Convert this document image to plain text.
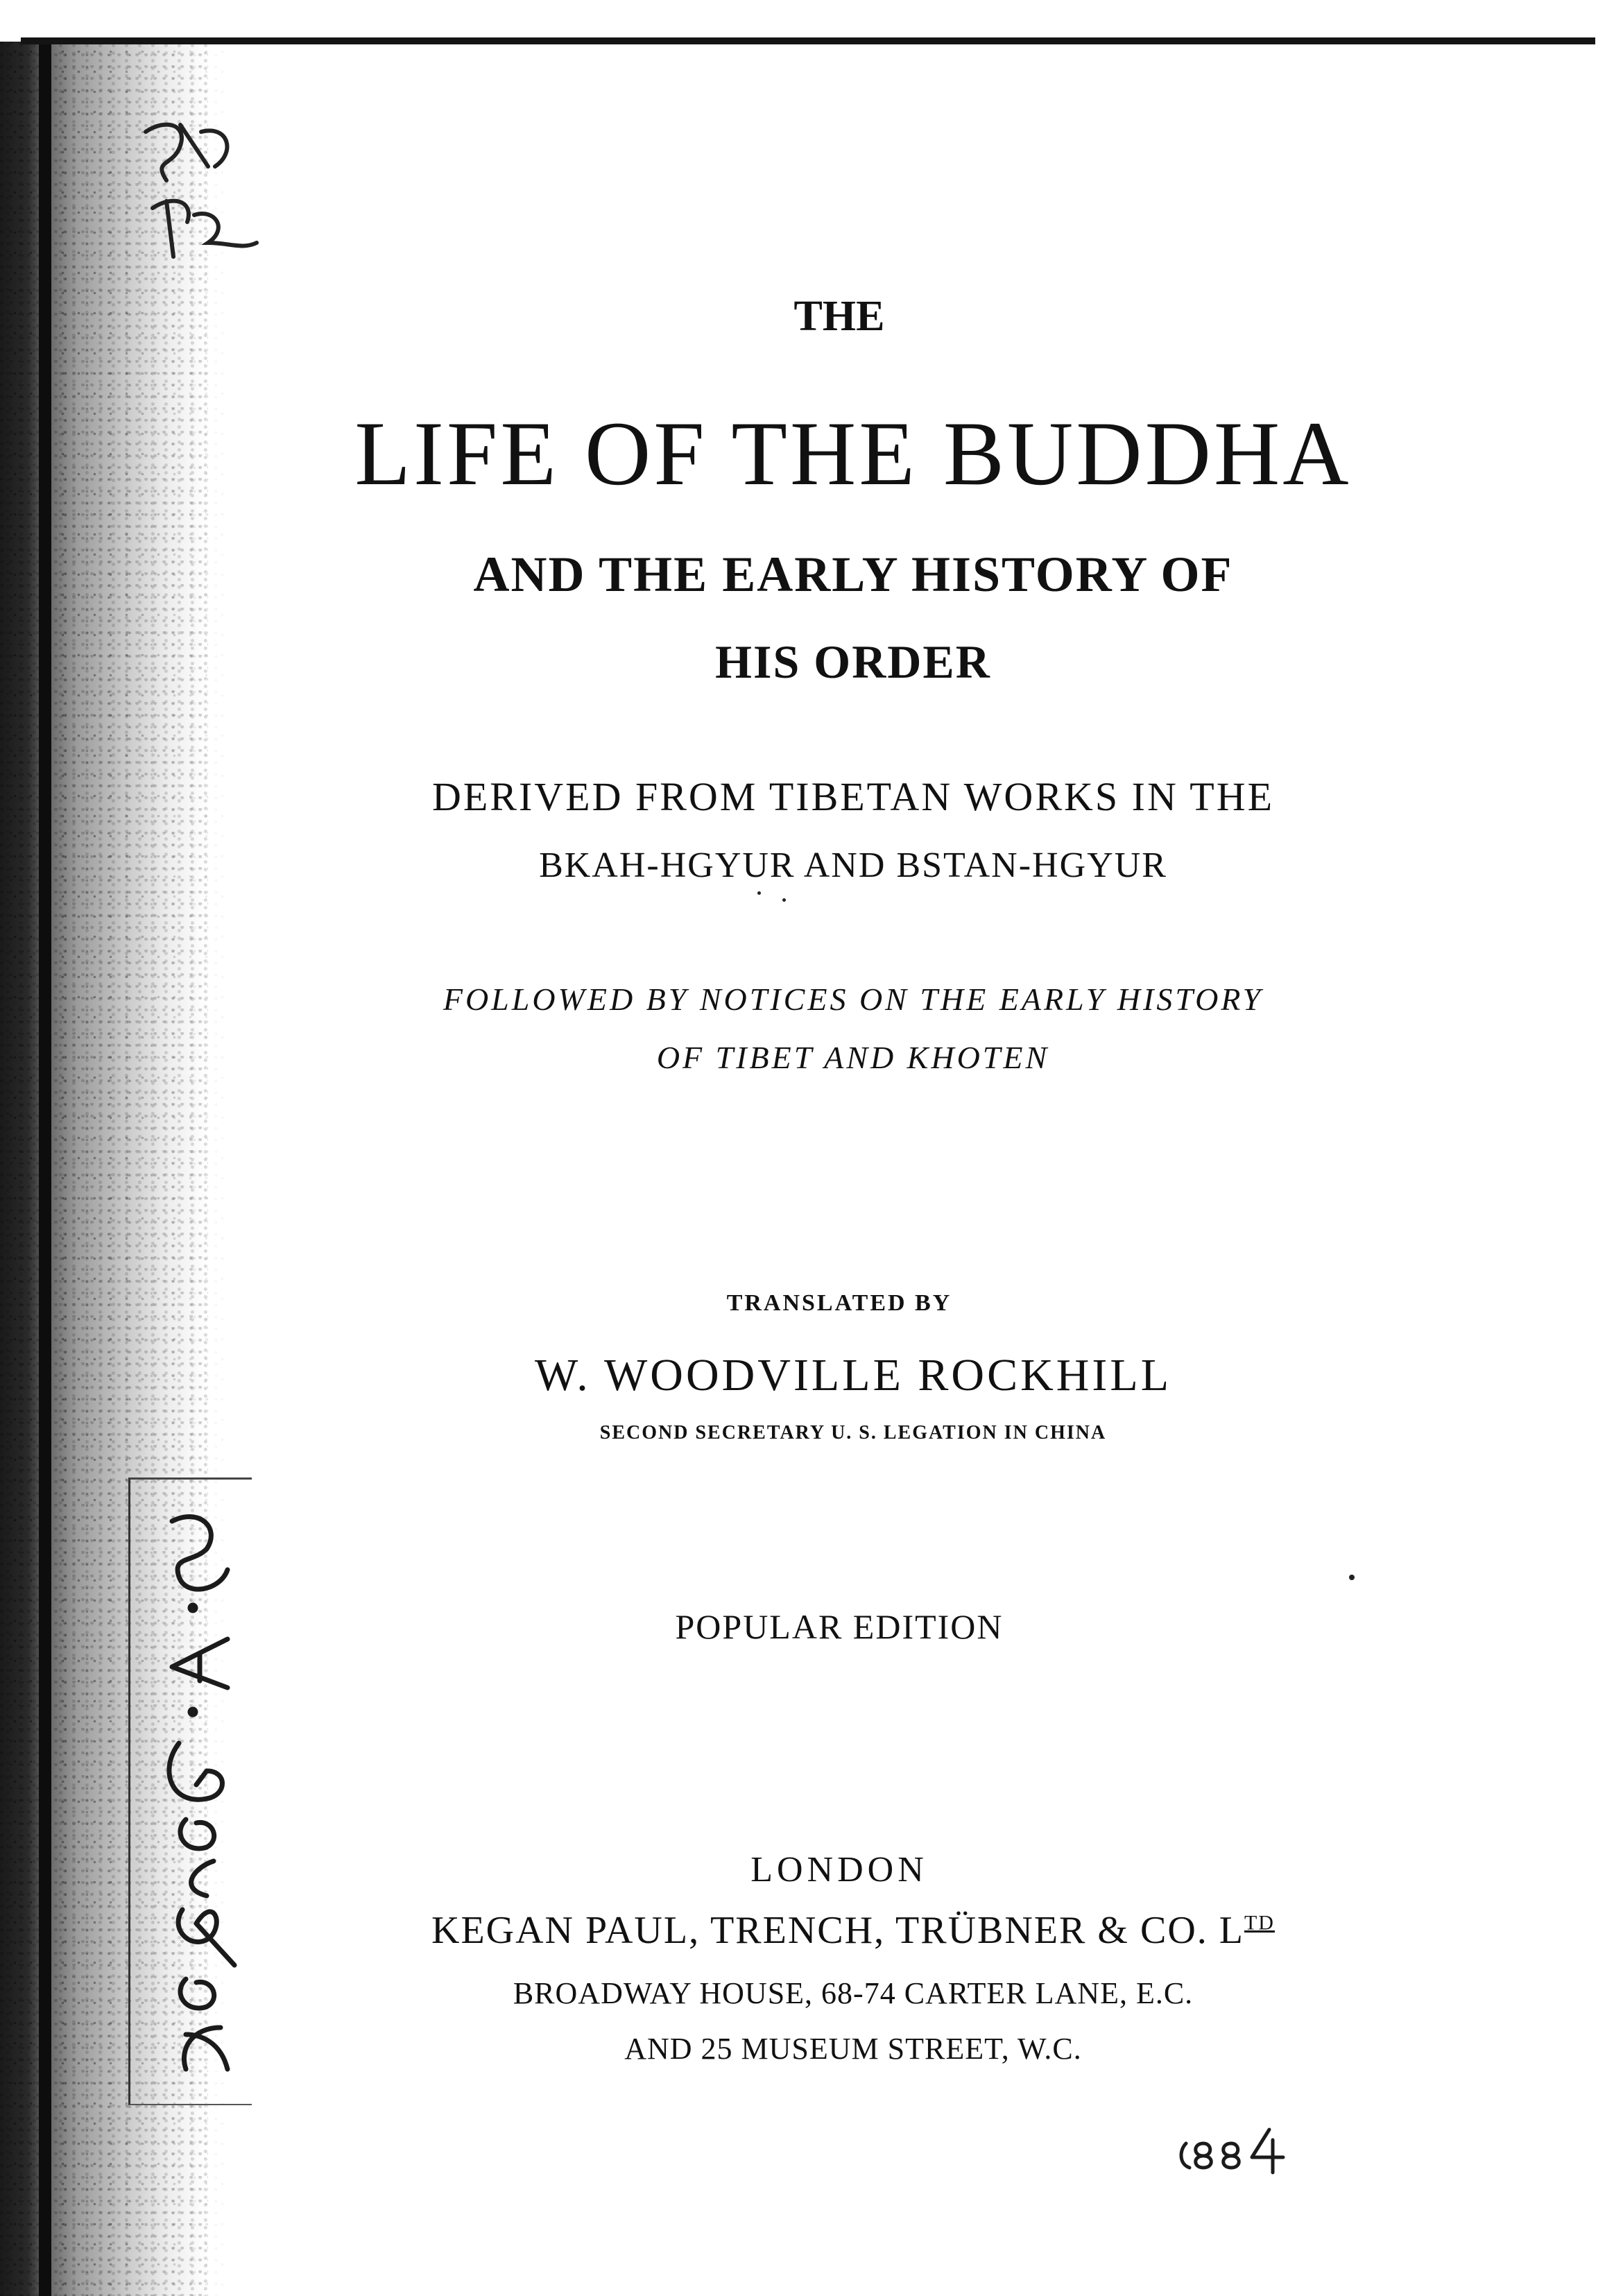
THE
LIFE OF THE BUDDHA
AND THE EARLY HISTORY OF
HIS ORDER
DERIVED FROM TIBETAN WORKS IN THE
BKAH-HGYUR AND BSTAN-HGYUR
FOLLOWED BY NOTICES ON THE EARLY HISTORY
OF TIBET AND KHOTEN
TRANSLATED BY
W. WOODVILLE ROCKHILL
SECOND SECRETARY U. S. LEGATION IN CHINA
POPULAR EDITION
LONDON
KEGAN PAUL, TRENCH, TRÜBNER & CO. $L^{TD}$
BROADWAY HOUSE, 68-74 CARTER LANE, E.C.
AND 25 MUSEUM STREET, W.C.
